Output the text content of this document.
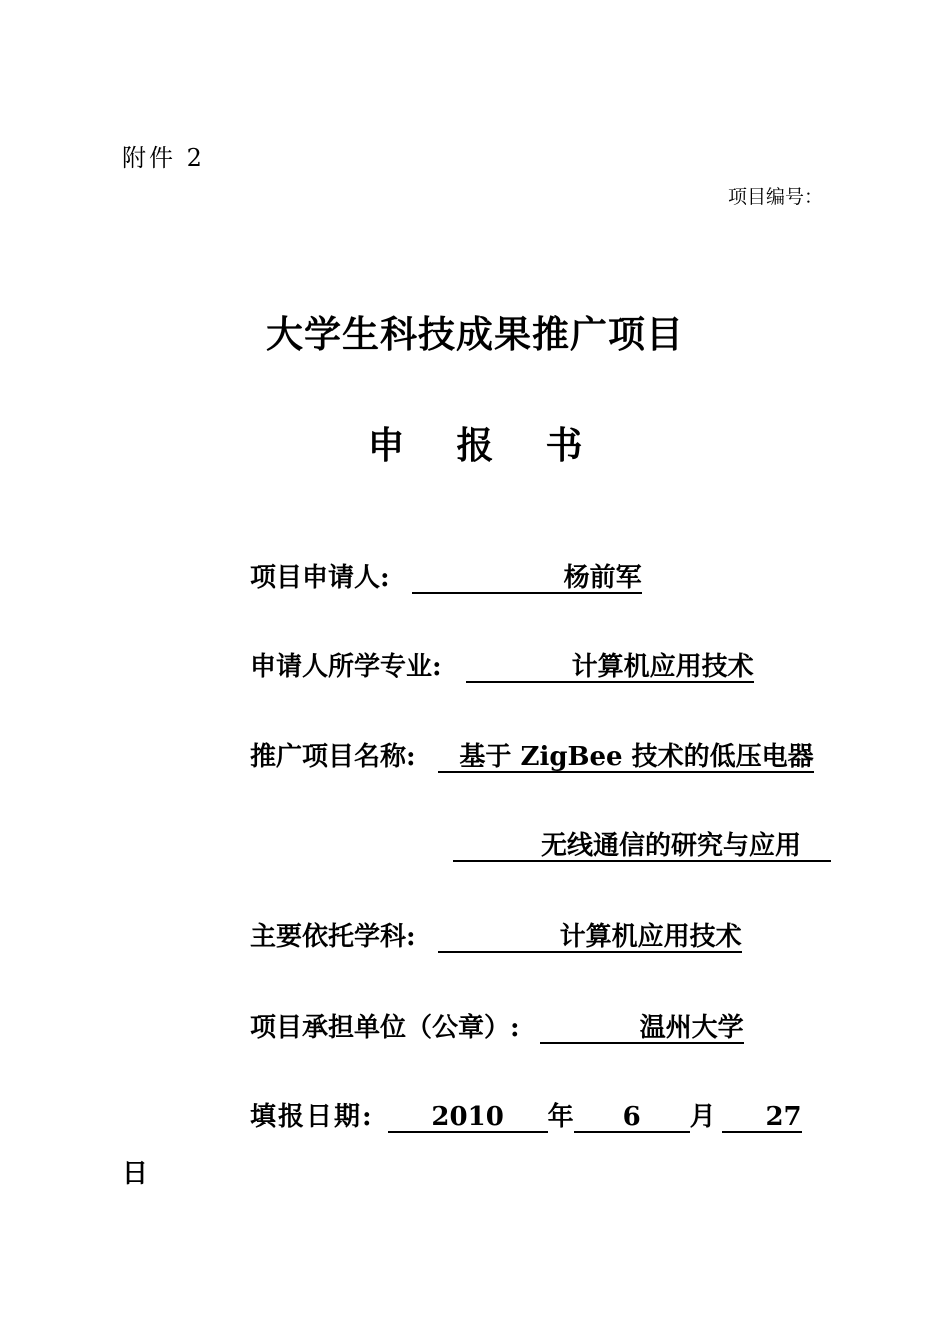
附件 2
项目编号：
大学生科技成果推广项目
申 报 书
项目申请人:	杨前军
申请人所学专业:	计算机应用技术
推广项目名称: 基于 ZigBee 技术的低压电器
无线通信的研究与应用
主要依托学科:	计算机应用技术
项目承担单位（公章）:	温州大学
填报日期: 2010 年 6 月 27
日
